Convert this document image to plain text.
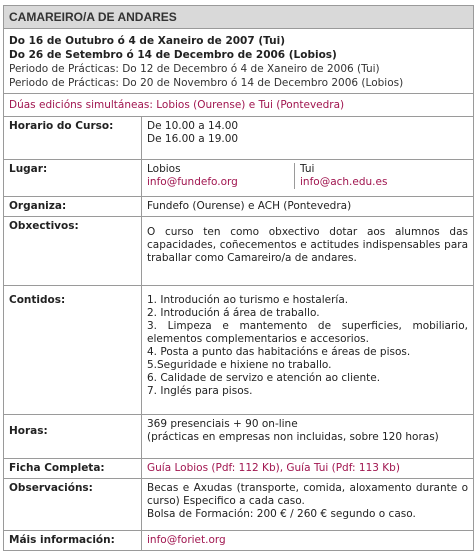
CAMAREIRO/A DE ANDARES
Do 16 de Outubro ó 4 de Xaneiro de 2007 (Tui)
Do 26 de Setembro ó 14 de Decembro de 2006 (Lobios)
Periodo de Prácticas: Do 12 de Decembro ó 4 de Xaneiro de 2006 (Tui)
Periodo de Prácticas: Do 20 de Novembro ó 14 de Decembro 2006 (Lobios)
Dúas edicións simultáneas: Lobios (Ourense) e Tui (Pontevedra)
Horario do Curso:	De 10.00 a 14.00
De 16.00 a 19.00

Lugar:		Lobios
info@fundefo.org

Tui
info@ach.edu.es

Organiza:	Fundefo (Ourense) e ACH (Pontevedra)
Obxectivos:	O curso ten como obxectivo dotar aos alumnos das capacidades, coñecementos e actitudes indispensables para traballar como Camareiro/a de andares.
Contidos:	1. Introdución ao turismo e hostalería.
2. Introdución á área de traballo.
3. Limpeza e mantemento de superficies, mobiliario, elementos complementarios e accesorios.
4. Posta a punto das habitacións e áreas de pisos.
5.Seguridade e hixiene no traballo.
6. Calidade de servizo e atención ao cliente.
7. Inglés para pisos.

Horas:	
369 presenciais + 90 on-line
(prácticas en empresas non incluidas, sobre 120 horas)

Ficha Completa:	Guía Lobios (Pdf: 112 Kb), Guía Tui (Pdf: 113 Kb)
Observacións:	Becas e Axudas (transporte, comida, aloxamento durante o curso) Especifico a cada caso.
Bolsa de Formación: 200 € / 260 € segundo o caso.

Máis información:	info@foriet.org
